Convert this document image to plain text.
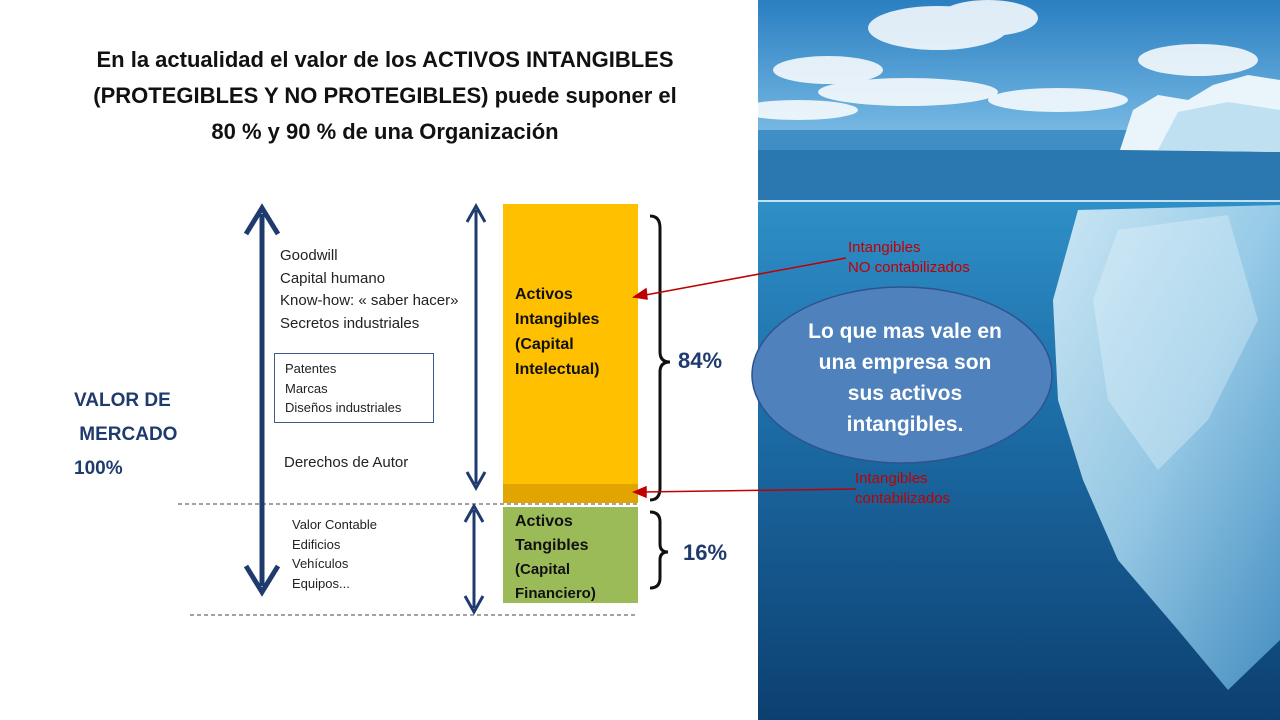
En la actualidad el valor de los ACTIVOS INTANGIBLES
(PROTEGIBLES Y NO PROTEGIBLES) puede suponer el
80 % y 90 % de una Organización
Goodwill
Capital humano
Know-how: « saber hacer»
Secretos industriales
Patentes
Marcas
Diseños industriales
Derechos de Autor
Valor Contable
Edificios
Vehículos
Equipos...
VALOR DE
MERCADO
100%
Activos
Intangibles
(Capital
Intelectual)
Activos
Tangibles
(Capital
Financiero)
84%
16%
Intangibles
NO contabilizados
Intangibles
contabilizados
Lo que mas vale en
una empresa son
sus activos
intangibles.
